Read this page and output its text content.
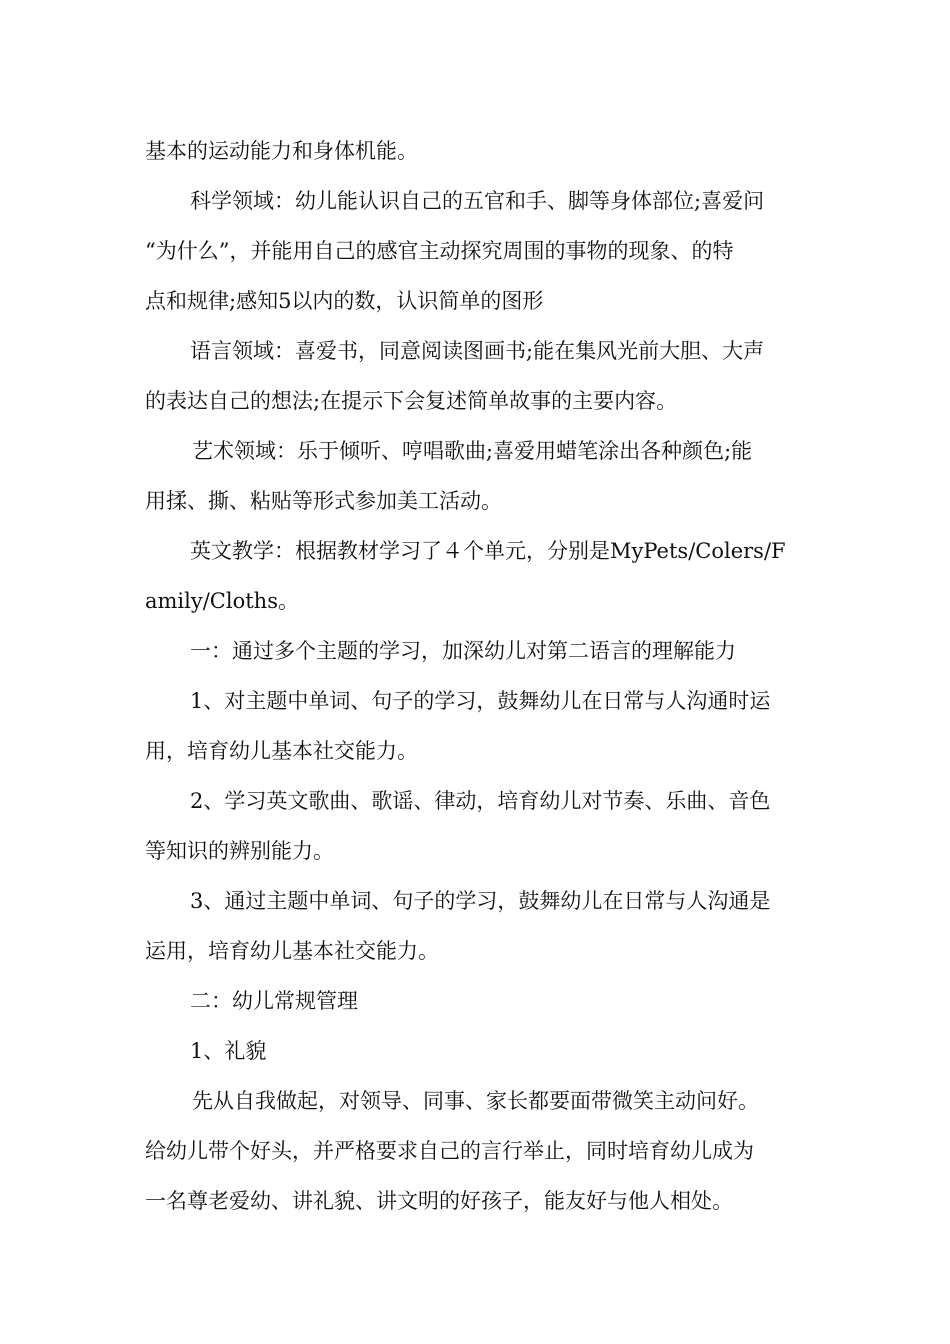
基本的运动能力和身体机能。
科学领域：幼儿能认识自己的五官和手、脚等身体部位;喜爱问
“为什么”，并能用自己的感官主动探究周围的事物的现象、的特
点和规律;感知5以内的数，认识简单的图形
语言领域：喜爱书，同意阅读图画书;能在集风光前大胆、大声
的表达自己的想法;在提示下会复述简单故事的主要内容。
艺术领域：乐于倾听、哼唱歌曲;喜爱用蜡笔涂出各种颜色;能
用揉、撕、粘贴等形式参加美工活动。
英文教学：根据教材学习了４个单元，分别是MyPets/Colers/F
amily/Cloths。
一：通过多个主题的学习，加深幼儿对第二语言的理解能力
1、对主题中单词、句子的学习，鼓舞幼儿在日常与人沟通时运
用，培育幼儿基本社交能力。
2、学习英文歌曲、歌谣、律动，培育幼儿对节奏、乐曲、音色
等知识的辨别能力。
3、通过主题中单词、句子的学习，鼓舞幼儿在日常与人沟通是
运用，培育幼儿基本社交能力。
二：幼儿常规管理
1、礼貌
先从自我做起，对领导、同事、家长都要面带微笑主动问好。
给幼儿带个好头，并严格要求自己的言行举止，同时培育幼儿成为
一名尊老爱幼、讲礼貌、讲文明的好孩子，能友好与他人相处。
